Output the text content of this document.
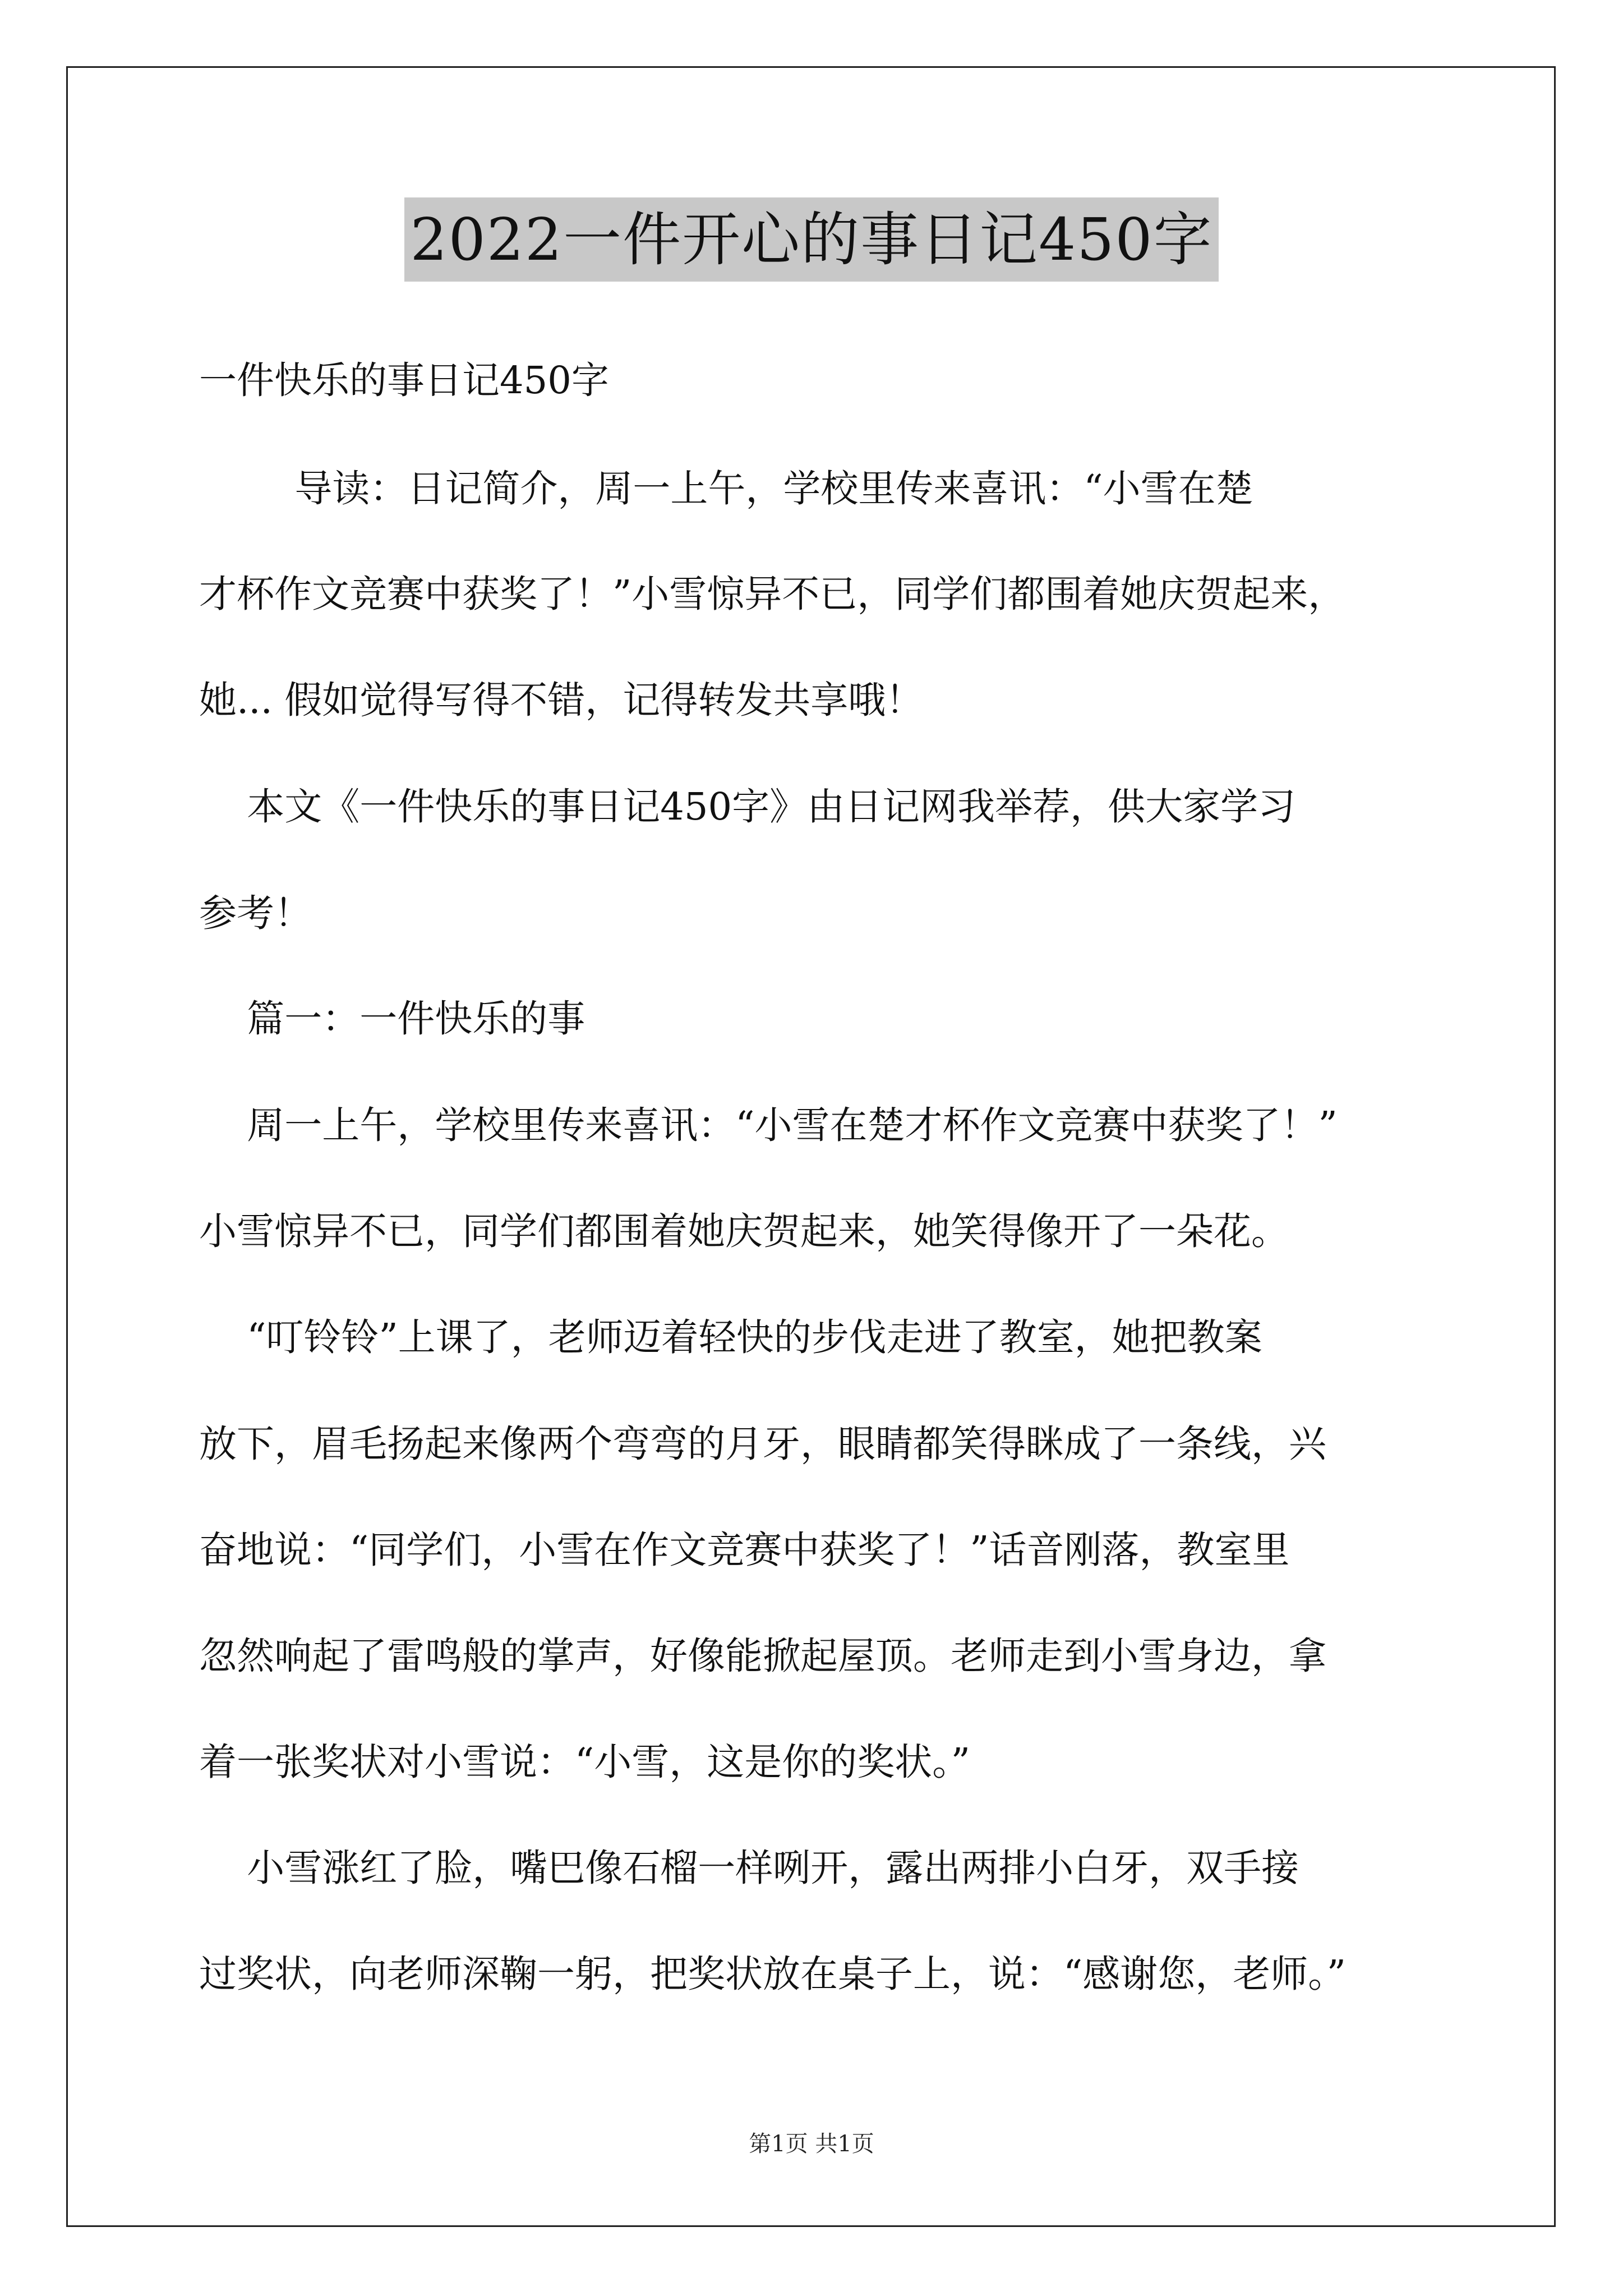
2022一件开心的事日记450字
一件快乐的事日记450字
导读：日记简介，周一上午，学校里传来喜讯：“小雪在楚
才杯作文竞赛中获奖了！”小雪惊异不已，同学们都围着她庆贺起来，
她... 假如觉得写得不错，记得转发共享哦！
本文《一件快乐的事日记450字》由日记网我举荐，供大家学习
参考！
篇一：一件快乐的事
周一上午，学校里传来喜讯：“小雪在楚才杯作文竞赛中获奖了！”
小雪惊异不已，同学们都围着她庆贺起来，她笑得像开了一朵花。
“叮铃铃”上课了，老师迈着轻快的步伐走进了教室，她把教案
放下，眉毛扬起来像两个弯弯的月牙，眼睛都笑得眯成了一条线，兴
奋地说：“同学们，小雪在作文竞赛中获奖了！”话音刚落，教室里
忽然响起了雷鸣般的掌声，好像能掀起屋顶。老师走到小雪身边，拿
着一张奖状对小雪说：“小雪，这是你的奖状。”
小雪涨红了脸，嘴巴像石榴一样咧开，露出两排小白牙，双手接
过奖状，向老师深鞠一躬，把奖状放在桌子上，说：“感谢您，老师。”
第1页 共1页
